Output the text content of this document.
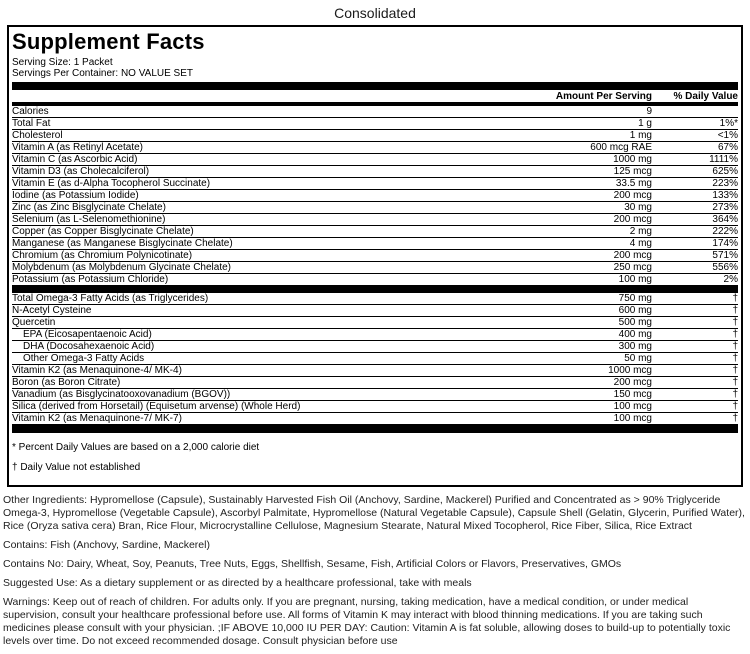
Consolidated
Supplement Facts
Serving Size: 1 Packet
Servings Per Container: NO VALUE SET
Amount Per Serving	% Daily Value
Calories	9
Total Fat	1 g	1%*
Cholesterol	1 mg	<1%
Vitamin A (as Retinyl Acetate)	600 mcg RAE	67%
Vitamin C (as Ascorbic Acid)	1000 mg	1111%
Vitamin D3 (as Cholecalciferol)	125 mcg	625%
Vitamin E (as d-Alpha Tocopherol Succinate)	33.5 mg	223%
Iodine (as Potassium Iodide)	200 mcg	133%
Zinc (as Zinc Bisglycinate Chelate)	30 mg	273%
Selenium (as L-Selenomethionine)	200 mcg	364%
Copper (as Copper Bisglycinate Chelate)	2 mg	222%
Manganese (as Manganese Bisglycinate Chelate)	4 mg	174%
Chromium (as Chromium Polynicotinate)	200 mcg	571%
Molybdenum (as Molybdenum Glycinate Chelate)	250 mcg	556%
Potassium (as Potassium Chloride)	100 mg	2%
Total Omega-3 Fatty Acids (as Triglycerides)	750 mg	†
N-Acetyl Cysteine	600 mg	†
Quercetin	500 mg	†
EPA (Eicosapentaenoic Acid)	400 mg	†
DHA (Docosahexaenoic Acid)	300 mg	†
Other Omega-3 Fatty Acids	50 mg	†
Vitamin K2 (as Menaquinone-4/ MK-4)	1000 mcg	†
Boron (as Boron Citrate)	200 mcg	†
Vanadium (as Bisglycinatooxovanadium (BGOV))	150 mcg	†
Silica (derived from Horsetail) (Equisetum arvense) (Whole Herd)	100 mcg	†
Vitamin K2 (as Menaquinone-7/ MK-7)	100 mcg	†
* Percent Daily Values are based on a 2,000 calorie diet
† Daily Value not established

Other Ingredients: Hypromellose (Capsule), Sustainably Harvested Fish Oil (Anchovy, Sardine, Mackerel) Purified and Concentrated as > 90% Triglyceride Omega-3, Hypromellose (Vegetable Capsule), Ascorbyl Palmitate, Hypromellose (Natural Vegetable Capsule), Capsule Shell (Gelatin, Glycerin, Purified Water), Rice (Oryza sativa cera) Bran, Rice Flour, Microcrystalline Cellulose, Magnesium Stearate, Natural Mixed Tocopherol, Rice Fiber, Silica, Rice Extract

Contains: Fish (Anchovy, Sardine, Mackerel)

Contains No: Dairy, Wheat, Soy, Peanuts, Tree Nuts, Eggs, Shellfish, Sesame, Fish, Artificial Colors or Flavors, Preservatives, GMOs

Suggested Use: As a dietary supplement or as directed by a healthcare professional, take with meals

Warnings: Keep out of reach of children. For adults only. If you are pregnant, nursing, taking medication, have a medical condition, or under medical supervision, consult your healthcare professional before use. All forms of Vitamin K may interact with blood thinning medications. If you are taking such medicines please consult with your physician. ;IF ABOVE 10,000 IU PER DAY: Caution: Vitamin A is fat soluble, allowing doses to build-up to potentially toxic levels over time. Do not exceed recommended dosage. Consult physician before use
